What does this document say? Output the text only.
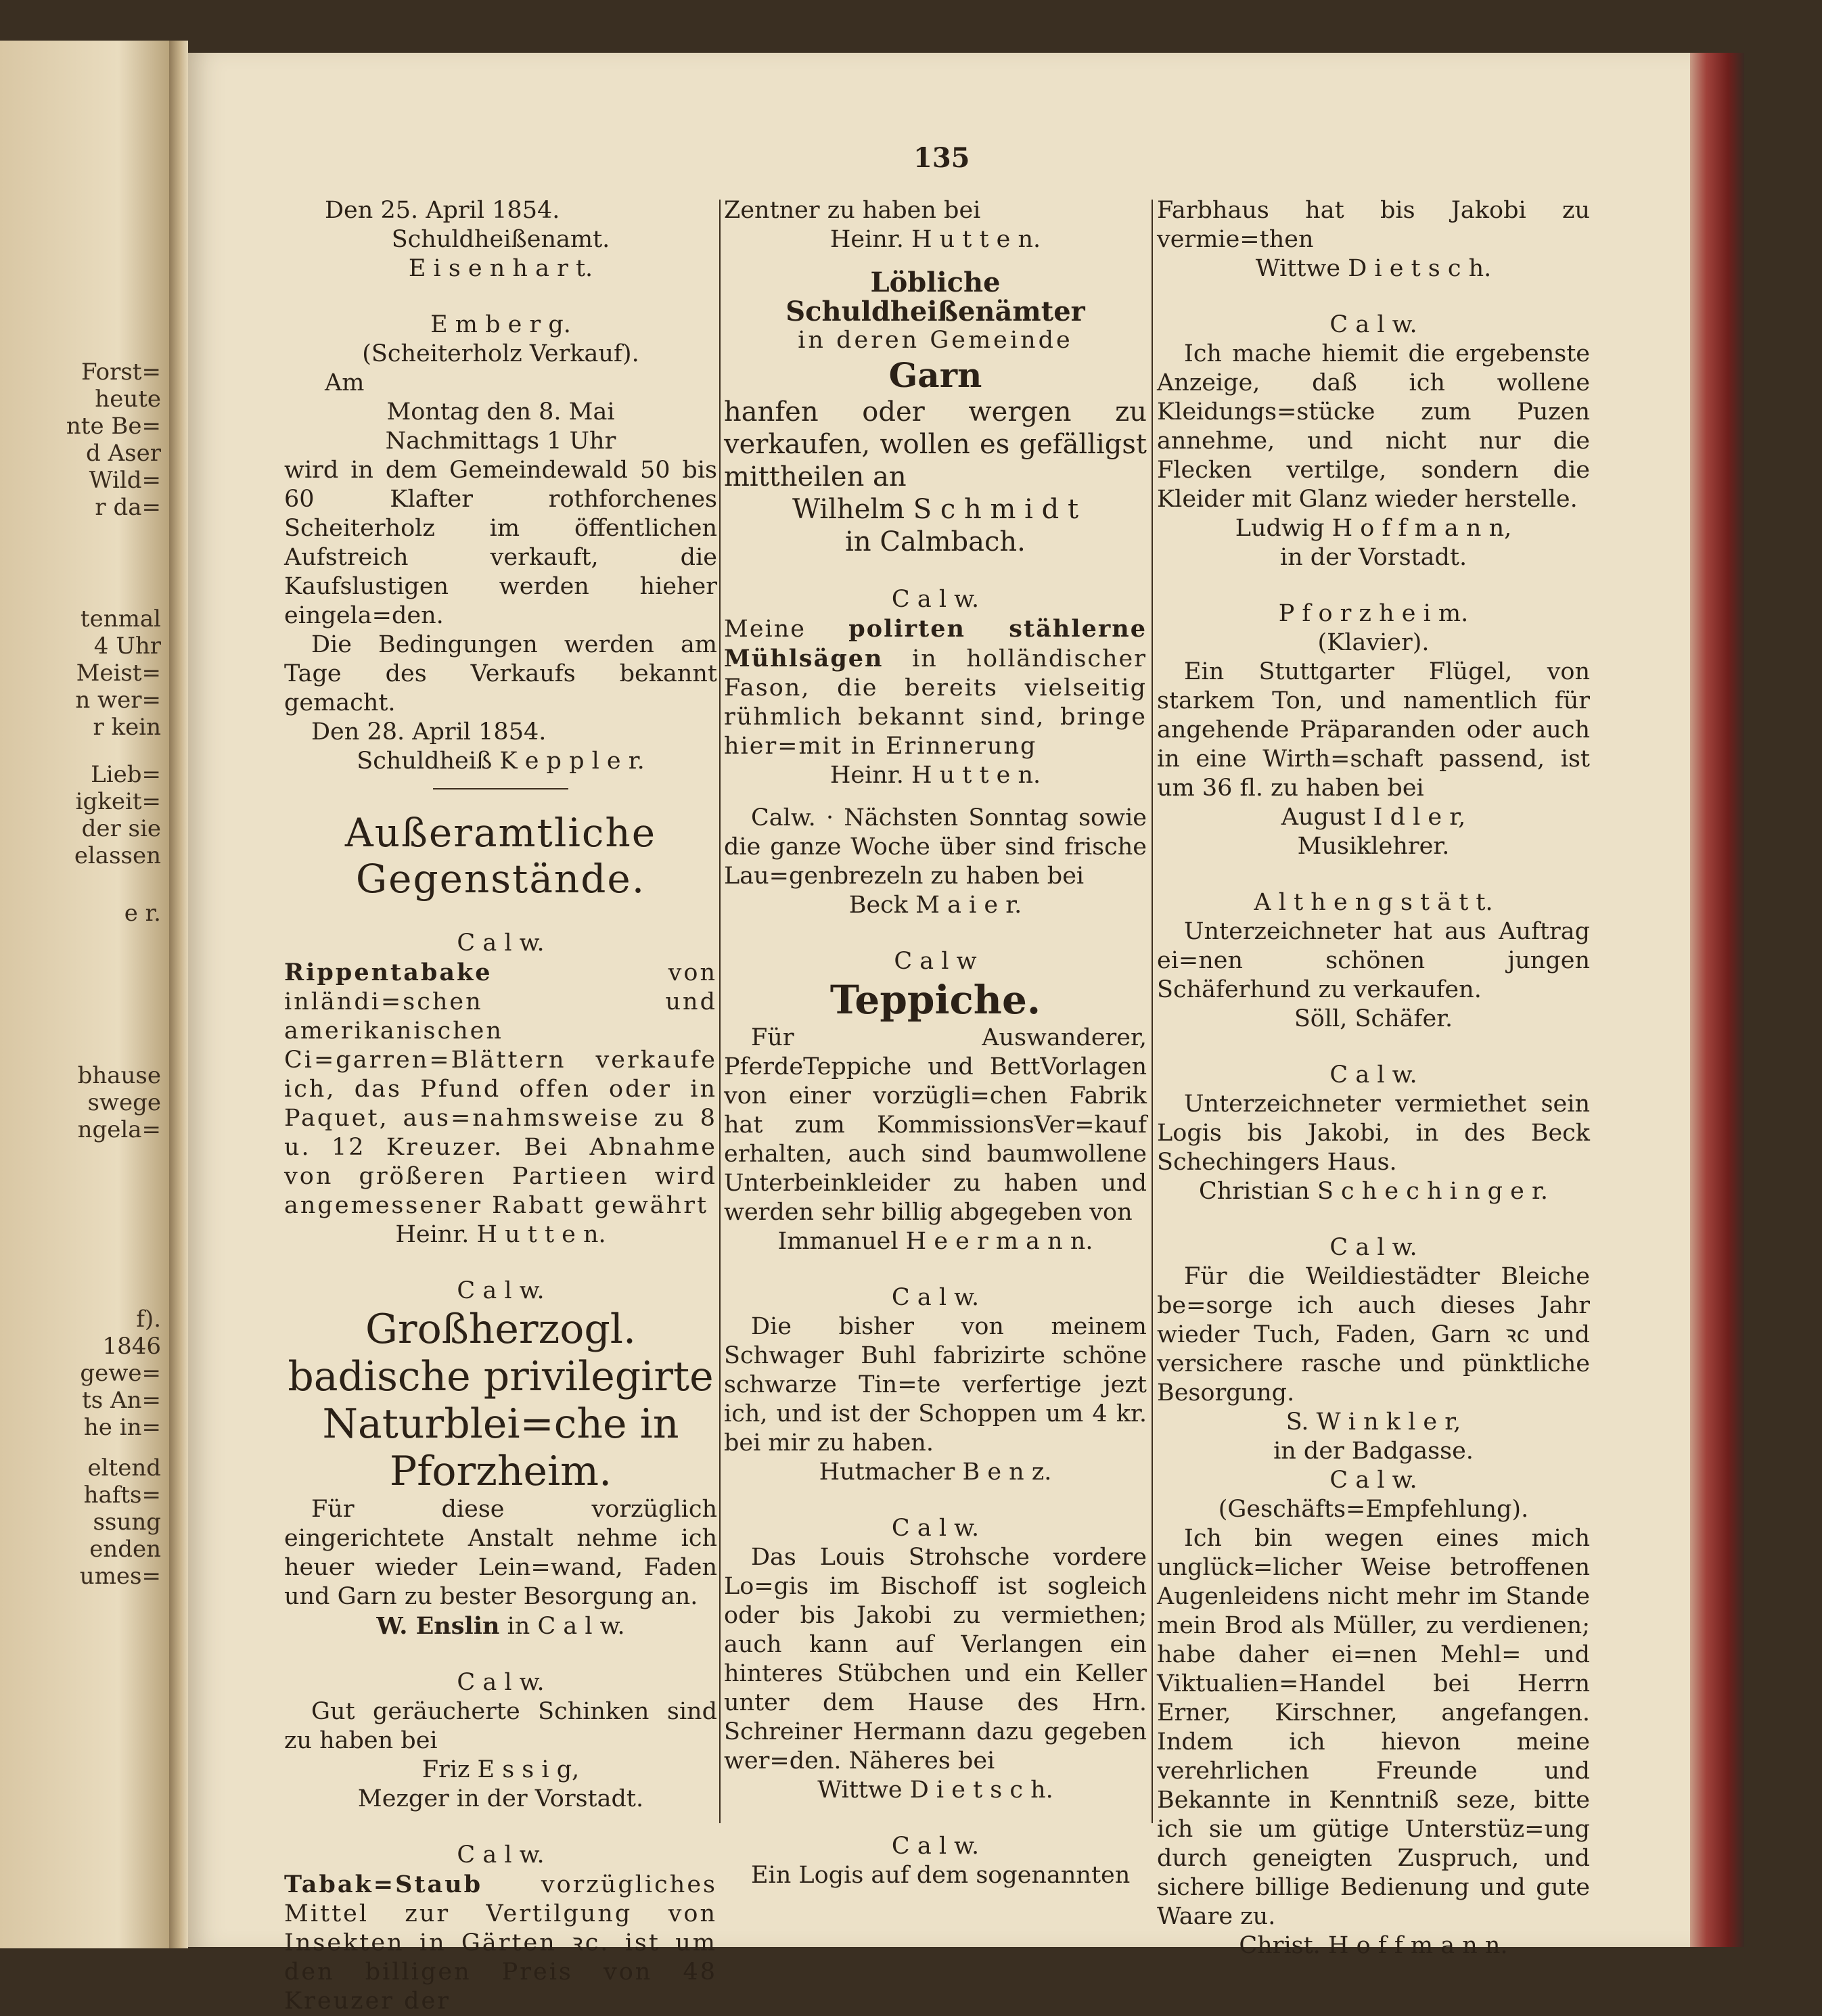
Forst=
heute
nte Be=
d Aser
Wild=
r da=
tenmal
4 Uhr
Meist=
n wer=
r kein
Lieb=
igkeit=
der sie
elassen
e r.
bhause
swege
ngela=
f).
1846
gewe=
ts An=
he in=
eltend
hafts=
ssung
enden
umes=
135

Den 25. April 1854.

Schuldheißenamt.

E i s e n h a r t.

E m b e r g.

(Scheiterholz Verkauf).

Am

Montag den 8. Mai

Nachmittags 1 Uhr

wird in dem Gemeindewald 50 bis 60 Klafter rothforchenes Scheiterholz im öffentlichen Aufstreich verkauft, die Kaufslustigen werden hieher eingela=den.

Die Bedingungen werden am Tage des Verkaufs bekannt gemacht.

Den 28. April 1854.

Schuldheiß K e p p l e r.

Außeramtliche Gegenstände.

C a l w.

Rippentabake	von inländi=schen und amerikanischen Ci=garren=Blättern verkaufe ich, das Pfund offen oder in Paquet, aus=nahmsweise zu 8 u. 12 Kreuzer. Bei Abnahme von größeren Partieen wird angemessener Rabatt gewährt

Heinr. H u t t e n.

C a l w.

Großherzogl. badische privilegirte Naturblei=che in Pforzheim.

Für diese vorzüglich eingerichtete Anstalt nehme ich heuer wieder Lein=wand, Faden und Garn zu bester Besorgung an.

W. Enslin in C a l w.

C a l w.

Gut geräucherte Schinken sind zu haben bei

Friz E s s i g,

Mezger in der Vorstadt.

C a l w.

Tabak=Staub vorzügliches Mittel zur Vertilgung von Insekten in Gärten ꝛc. ist um den billigen Preis von 48 Kreuzer der

Zentner zu haben bei

Heinr. H u t t e n.

Löbliche Schuldheißenämter

in deren Gemeinde

Garn

hanfen oder wergen zu verkaufen, wollen es gefälligst mittheilen an

Wilhelm S c h m i d t

in Calmbach.

C a l w.

Meine polirten stählerne Mühlsägen in holländischer Fason, die bereits vielseitig rühmlich bekannt sind, bringe hier=mit in Erinnerung

Heinr. H u t t e n.

Calw. · Nächsten Sonntag sowie die ganze Woche über sind frische Lau=genbrezeln zu haben bei

Beck M a i e r.

C a l w

Teppiche.

Für Auswanderer, PferdeTeppiche und BettVorlagen von einer vorzügli=chen Fabrik hat zum KommissionsVer=kauf erhalten, auch sind baumwollene Unterbeinkleider zu haben und werden sehr billig abgegeben von

Immanuel H e e r m a n n.

C a l w.

Die bisher von meinem Schwager Buhl fabrizirte schöne schwarze Tin=te verfertige jezt ich, und ist der Schoppen um 4 kr. bei mir zu haben.

Hutmacher B e n z.

C a l w.

Das Louis Strohsche vordere Lo=gis im Bischoff ist sogleich oder bis Jakobi zu vermiethen; auch kann auf Verlangen ein hinteres Stübchen und ein Keller unter dem Hause des Hrn. Schreiner Hermann dazu gegeben wer=den. Näheres bei

Wittwe D i e t s c h.

C a l w.

Ein Logis auf dem sogenannten

Farbhaus hat bis Jakobi zu vermie=then

Wittwe D i e t s c h.

C a l w.

Ich mache hiemit die ergebenste Anzeige, daß ich wollene Kleidungs=stücke zum Puzen annehme, und nicht nur die Flecken vertilge, sondern die Kleider mit Glanz wieder herstelle.

Ludwig H o f f m a n n,

in der Vorstadt.

P f o r z h e i m.

(Klavier).

Ein Stuttgarter Flügel, von starkem Ton, und namentlich für angehende Präparanden oder auch in eine Wirth=schaft passend, ist um 36 fl. zu haben bei

August I d l e r,

Musiklehrer.

A l t h e n g s t ä t t.

Unterzeichneter hat aus Auftrag ei=nen schönen jungen Schäferhund zu verkaufen.

Söll, Schäfer.

C a l w.

Unterzeichneter vermiethet sein Logis bis Jakobi, in des Beck Schechingers Haus.

Christian S c h e c h i n g e r.

C a l w.

Für die Weildiestädter Bleiche be=sorge ich auch dieses Jahr wieder Tuch, Faden, Garn ꝛc und versichere rasche und pünktliche Besorgung.

S. W i n k l e r,

in der Badgasse.

C a l w.

(Geschäfts=Empfehlung).

Ich bin wegen eines mich unglück=licher Weise betroffenen Augenleidens nicht mehr im Stande mein Brod als Müller, zu verdienen; habe daher ei=nen Mehl= und Viktualien=Handel bei Herrn Erner, Kirschner, angefangen. Indem ich hievon meine verehrlichen Freunde und Bekannte in Kenntniß seze, bitte ich sie um gütige Unterstüz=ung durch geneigten Zuspruch, und sichere billige Bedienung und gute Waare zu.

Christ. H o f f m a n n.
